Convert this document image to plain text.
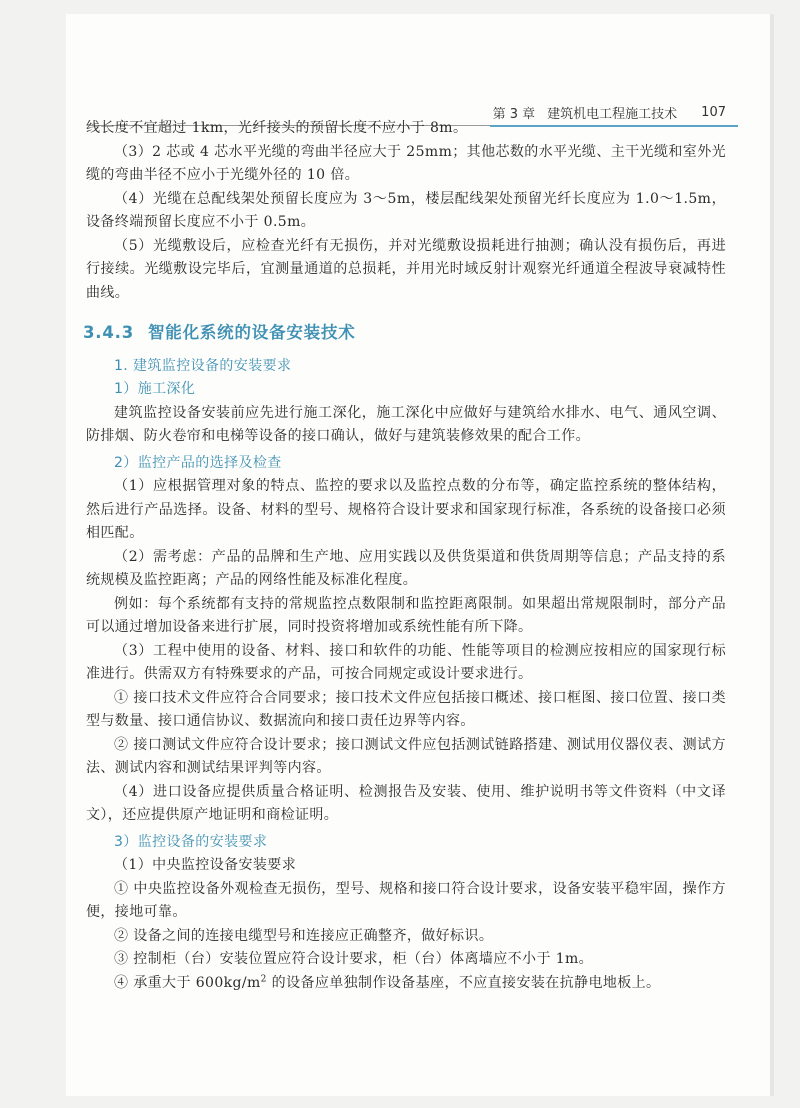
第 3 章 建筑机电工程施工技术 107

线长度不宜超过 1km，光纤接头的预留长度不应小于 8m。

（3）2 芯或 4 芯水平光缆的弯曲半径应大于 25mm；其他芯数的水平光缆、主干光缆和室外光缆的弯曲半径不应小于光缆外径的 10 倍。

（4）光缆在总配线架处预留长度应为 3～5m，楼层配线架处预留光纤长度应为 1.0～1.5m，设备终端预留长度应不小于 0.5m。

（5）光缆敷设后，应检查光纤有无损伤，并对光缆敷设损耗进行抽测；确认没有损伤后，再进行接续。光缆敷设完毕后，宜测量通道的总损耗，并用光时域反射计观察光纤通道全程波导衰减特性曲线。

3.4.3 智能化系统的设备安装技术

1. 建筑监控设备的安装要求

1）施工深化

建筑监控设备安装前应先进行施工深化，施工深化中应做好与建筑给水排水、电气、通风空调、防排烟、防火卷帘和电梯等设备的接口确认，做好与建筑装修效果的配合工作。

2）监控产品的选择及检查

（1）应根据管理对象的特点、监控的要求以及监控点数的分布等，确定监控系统的整体结构，然后进行产品选择。设备、材料的型号、规格符合设计要求和国家现行标准，各系统的设备接口必须相匹配。

（2）需考虑：产品的品牌和生产地、应用实践以及供货渠道和供货周期等信息；产品支持的系统规模及监控距离；产品的网络性能及标准化程度。

例如：每个系统都有支持的常规监控点数限制和监控距离限制。如果超出常规限制时，部分产品可以通过增加设备来进行扩展，同时投资将增加或系统性能有所下降。

（3）工程中使用的设备、材料、接口和软件的功能、性能等项目的检测应按相应的国家现行标准进行。供需双方有特殊要求的产品，可按合同规定或设计要求进行。

① 接口技术文件应符合合同要求；接口技术文件应包括接口概述、接口框图、接口位置、接口类型与数量、接口通信协议、数据流向和接口责任边界等内容。

② 接口测试文件应符合设计要求；接口测试文件应包括测试链路搭建、测试用仪器仪表、测试方法、测试内容和测试结果评判等内容。

（4）进口设备应提供质量合格证明、检测报告及安装、使用、维护说明书等文件资料（中文译文），还应提供原产地证明和商检证明。

3）监控设备的安装要求

（1）中央监控设备安装要求

① 中央监控设备外观检查无损伤，型号、规格和接口符合设计要求，设备安装平稳牢固，操作方便，接地可靠。

② 设备之间的连接电缆型号和连接应正确整齐，做好标识。

③ 控制柜（台）安装位置应符合设计要求，柜（台）体离墙应不小于 1m。

④ 承重大于 $600kg/m^2$ 的设备应单独制作设备基座，不应直接安装在抗静电地板上。
